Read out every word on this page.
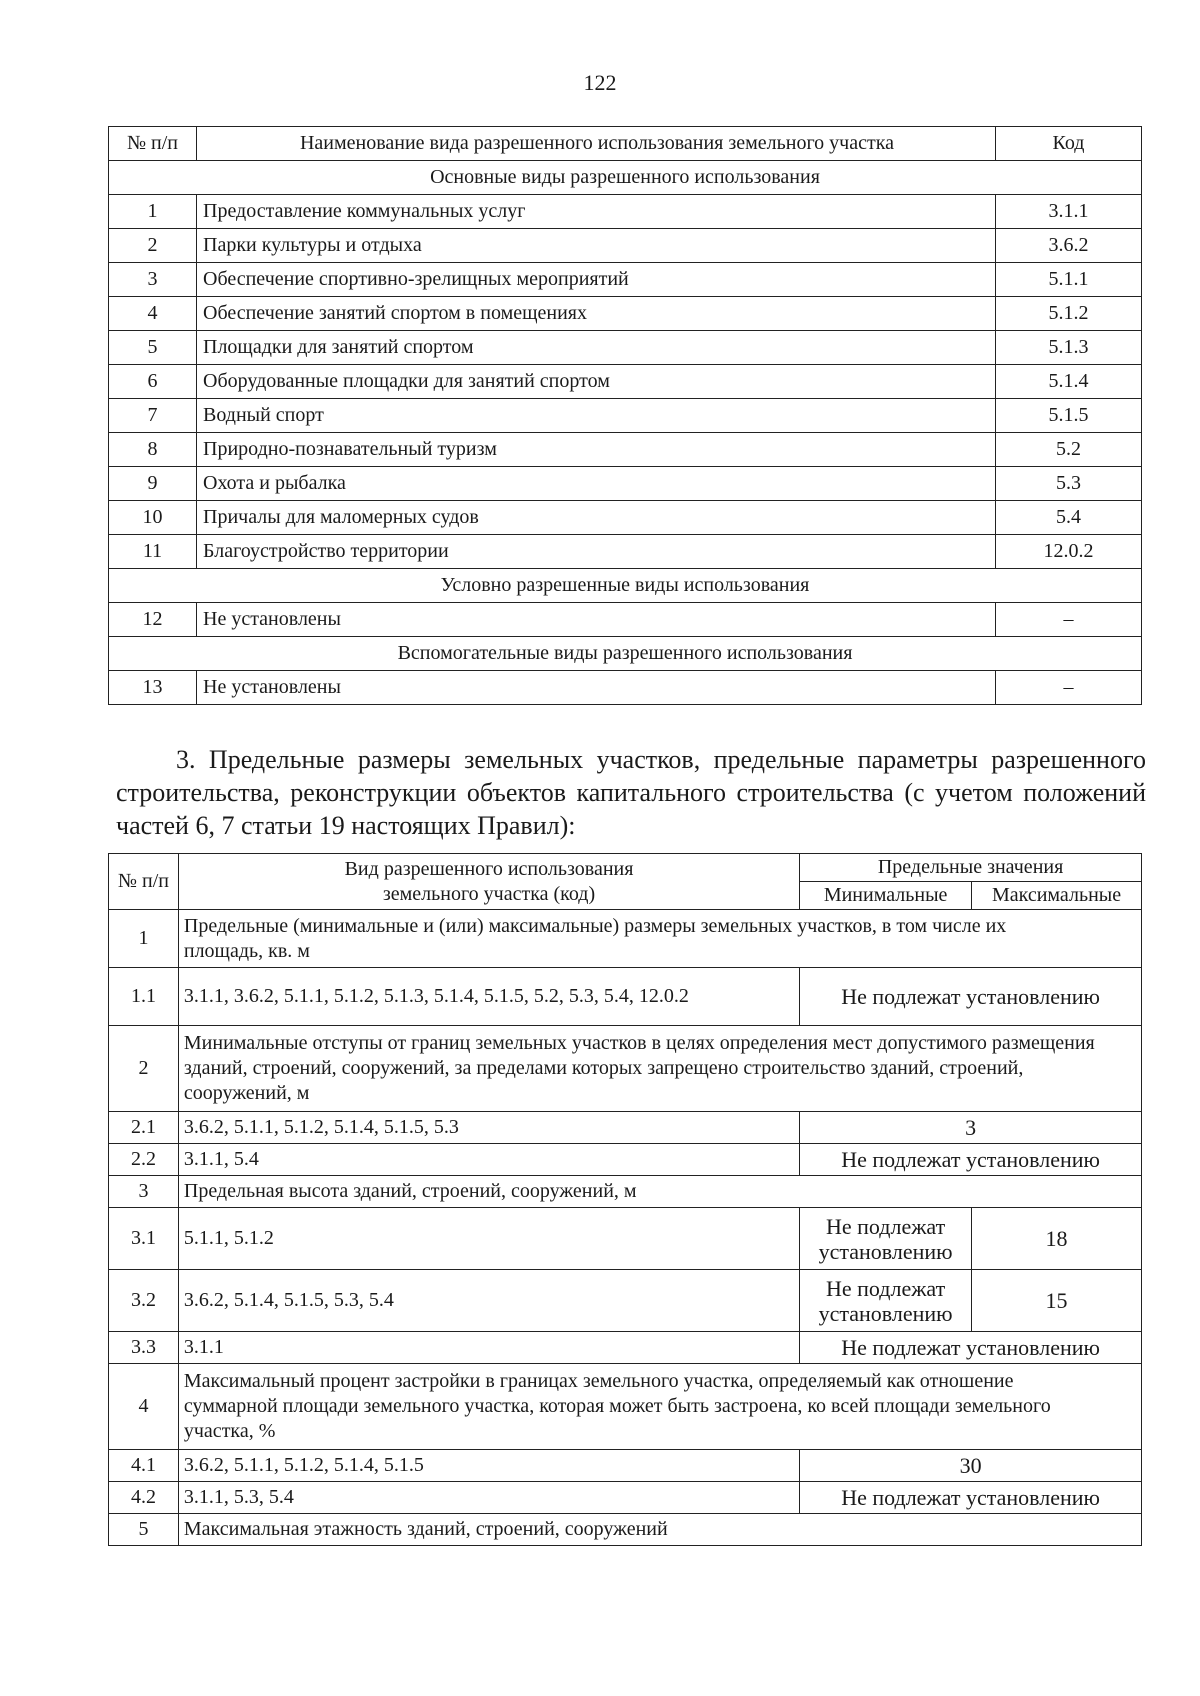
122
№ п/п	Наименование вида разрешенного использования земельного участка	Код
Основные виды разрешенного использования		
1	Предоставление коммунальных услуг	3.1.1
2	Парки культуры и отдыха	3.6.2
3	Обеспечение спортивно-зрелищных мероприятий	5.1.1
4	Обеспечение занятий спортом в помещениях	5.1.2
5	Площадки для занятий спортом	5.1.3
6	Оборудованные площадки для занятий спортом	5.1.4
7	Водный спорт	5.1.5
8	Природно-познавательный туризм	5.2
9	Охота и рыбалка	5.3
10	Причалы для маломерных судов	5.4
11	Благоустройство территории	12.0.2
Условно разрешенные виды использования		
12	Не установлены	–
Вспомогательные виды разрешенного использования		
13	Не установлены	–

3. Предельные размеры земельных участков, предельные параметры разрешенного строительства, реконструкции объектов капитального строительства (с учетом положений частей 6, 7 статьи 19 настоящих Правил):

№ п/п	Вид разрешенного использования земельного участка (код)	Предельные значения	
		Минимальные	Максимальные
1	Предельные (минимальные и (или) максимальные) размеры земельных участков, в том числе их площадь, кв. м		
1.1	3.1.1, 3.6.2, 5.1.1, 5.1.2, 5.1.3, 5.1.4, 5.1.5, 5.2, 5.3, 5.4, 12.0.2	Не подлежат установлению	
2	Минимальные отступы от границ земельных участков в целях определения мест допустимого размещения зданий, строений, сооружений, за пределами которых запрещено строительство зданий, строений, сооружений, м		
2.1	3.6.2, 5.1.1, 5.1.2, 5.1.4, 5.1.5, 5.3	3	
2.2	3.1.1, 5.4	Не подлежат установлению	
3	Предельная высота зданий, строений, сооружений, м		
3.1	5.1.1, 5.1.2	Не подлежат установлению	18
3.2	3.6.2, 5.1.4, 5.1.5, 5.3, 5.4	Не подлежат установлению	15
3.3	3.1.1	Не подлежат установлению	
4	Максимальный процент застройки в границах земельного участка, определяемый как отношение суммарной площади земельного участка, которая может быть застроена, ко всей площади земельного участка, %		
4.1	3.6.2, 5.1.1, 5.1.2, 5.1.4, 5.1.5	30	
4.2	3.1.1, 5.3, 5.4	Не подлежат установлению	
5	Максимальная этажность зданий, строений, сооружений		
